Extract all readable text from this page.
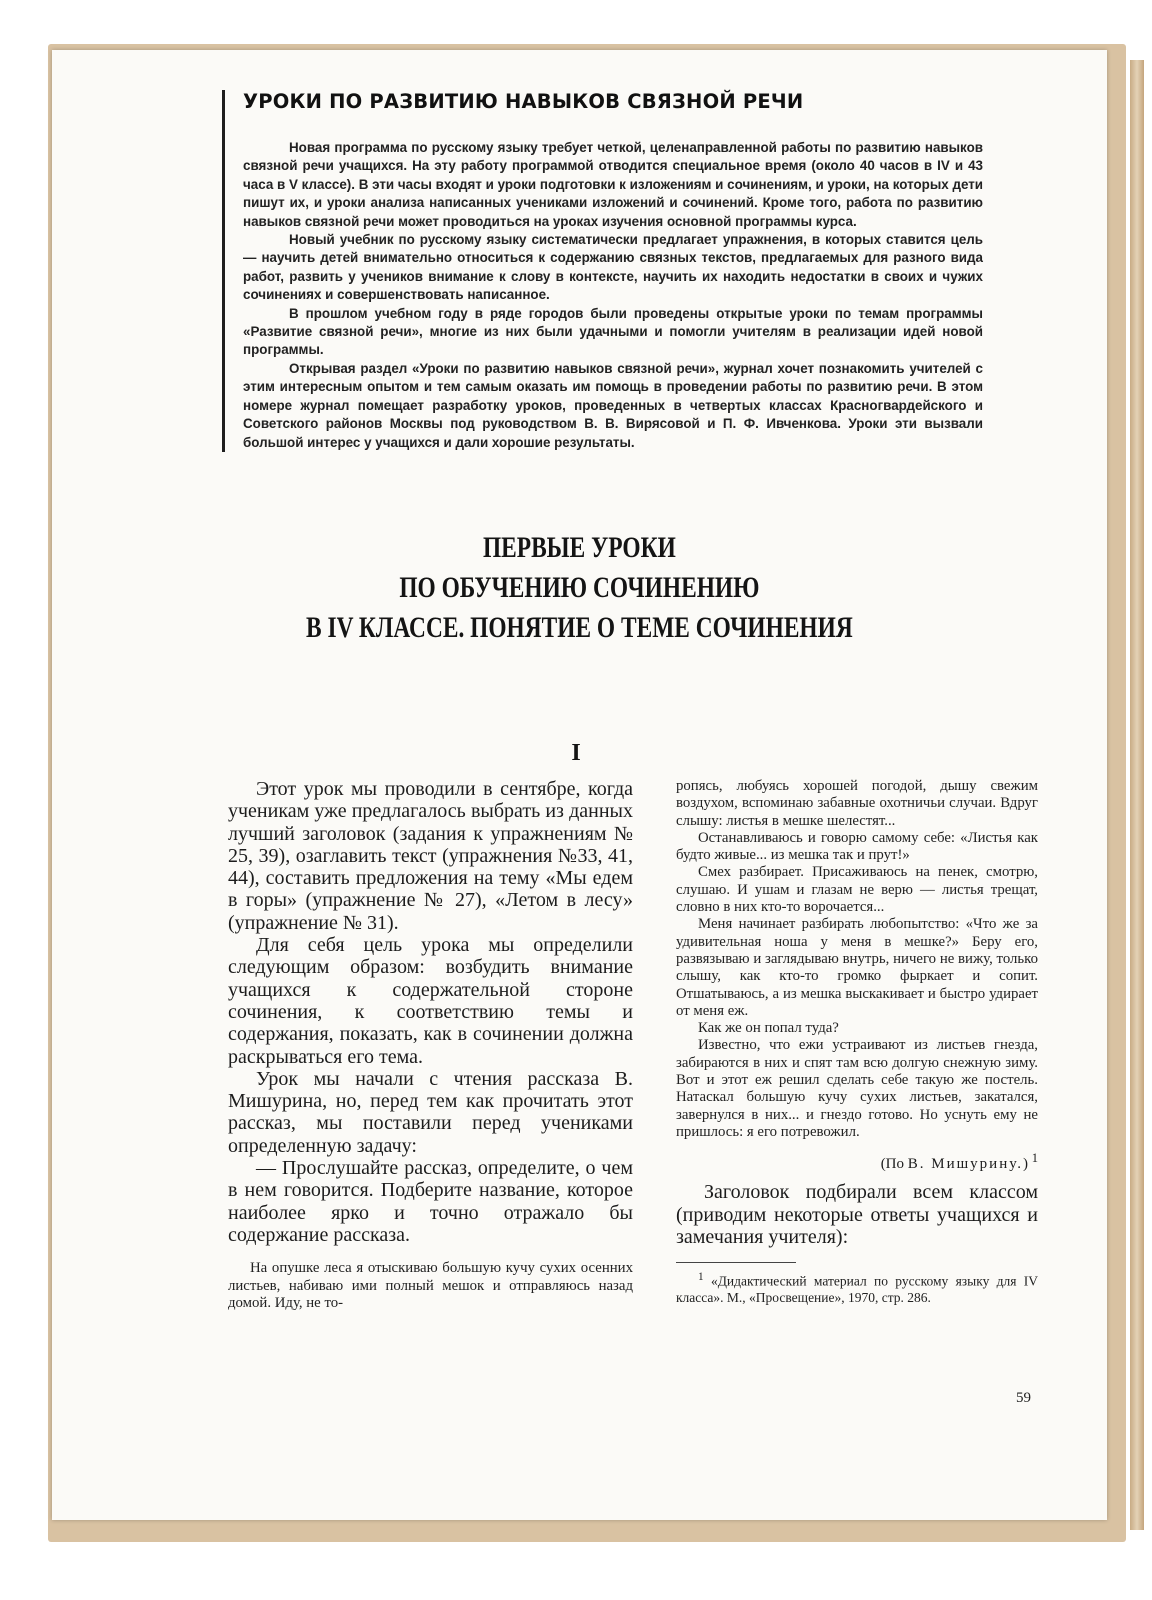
УРОКИ ПО РАЗВИТИЮ НАВЫКОВ СВЯЗНОЙ РЕЧИ

Новая программа по русскому языку требует четкой, целенаправленной работы по развитию навыков связной речи учащихся. На эту работу программой отводится специальное время (около 40 часов в IV и 43 часа в V классе). В эти часы входят и уроки подготовки к изложениям и сочинениям, и уроки, на которых дети пишут их, и уроки анализа написанных учениками изложений и сочинений. Кроме того, работа по развитию навыков связной речи может проводиться на уроках изучения основной программы курса.

Новый учебник по русскому языку систематически предлагает упражнения, в которых ставится цель — научить детей внимательно относиться к содержанию связных текстов, предлагаемых для разного вида работ, развить у учеников внимание к слову в контексте, научить их находить недостатки в своих и чужих сочинениях и совершенствовать написанное.

В прошлом учебном году в ряде городов были проведены открытые уроки по темам программы «Развитие связной речи», многие из них были удачными и помогли учителям в реализации идей новой программы.

Открывая раздел «Уроки по развитию навыков связной речи», журнал хочет познакомить учителей с этим интересным опытом и тем самым оказать им помощь в проведении работы по развитию речи. В этом номере журнал помещает разработку уроков, проведенных в четвертых классах Красногвардейского и Советского районов Москвы под руководством В. В. Вирясовой и П. Ф. Ивченкова. Уроки эти вызвали большой интерес у учащихся и дали хорошие результаты.

ПЕРВЫЕ УРОКИ
ПО ОБУЧЕНИЮ СОЧИНЕНИЮ
В IV КЛАССЕ. ПОНЯТИЕ О ТЕМЕ СОЧИНЕНИЯ
I

Этот урок мы проводили в сентябре, когда ученикам уже предлагалось выбрать из данных лучший заголовок (задания к упражнениям № 25, 39), озаглавить текст (упражнения №33, 41, 44), составить предложения на тему «Мы едем в горы» (упражнение № 27), «Летом в лесу» (упражнение № 31).

Для себя цель урока мы определили следующим образом: возбудить внимание учащихся к содержательной стороне сочинения, к соответствию темы и содержания, показать, как в сочинении должна раскрываться его тема.

Урок мы начали с чтения рассказа В. Мишурина, но, перед тем как прочитать этот рассказ, мы поставили перед учениками определенную задачу:

— Прослушайте рассказ, определите, о чем в нем говорится. Подберите название, которое наиболее ярко и точно отражало бы содержание рассказа.

На опушке леса я отыскиваю большую кучу сухих осенних листьев, набиваю ими полный мешок и отправляюсь назад домой. Иду, не то-

ропясь, любуясь хорошей погодой, дышу свежим воздухом, вспоминаю забавные охотничьи случаи. Вдруг слышу: листья в мешке шелестят...

Останавливаюсь и говорю самому себе: «Листья как будто живые... из мешка так и прут!»

Смех разбирает. Присаживаюсь на пенек, смотрю, слушаю. И ушам и глазам не верю — листья трещат, словно в них кто-то ворочается...

Меня начинает разбирать любопытство: «Что же за удивительная ноша у меня в мешке?» Беру его, развязываю и заглядываю внутрь, ничего не вижу, только слышу, как кто-то громко фыркает и сопит. Отшатываюсь, а из мешка выскакивает и быстро удирает от меня еж.

Как же он попал туда?

Известно, что ежи устраивают из листьев гнезда, забираются в них и спят там всю долгую снежную зиму. Вот и этот еж решил сделать себе такую же постель. Натаскал большую кучу сухих листьев, закатался, завернулся в них... и гнездо готово. Но уснуть ему не пришлось: я его потревожил.

(По В. Мишурину.) $^1$

Заголовок подбирали всем классом (приводим некоторые ответы учащихся и замечания учителя):

$^1$ «Дидактический материал по русскому языку для IV класса». М., «Просвещение», 1970, стр. 286.

59
